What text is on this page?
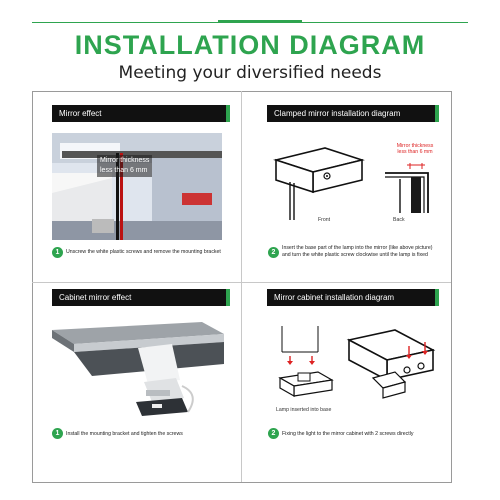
INSTALLATION DIAGRAM
Meeting your diversified needs
Mirror effect
Mirror thickness
less than 6 mm
1	Unscrew the white plastic screws and remove the mounting bracket
Clamped mirror installation diagram
Front
Mirror thickness
less than 6 mm
Back
2
Insert the base part of the lamp into the mirror (like above picture)
and turn the white plastic screw clockwise until the lamp is fixed
Cabinet mirror effect
1	Install the mounting bracket and tighten the screws
Mirror cabinet installation diagram
Lamp inserted into base
2	Fixing the light to the mirror cabinet with 2 screws directly
